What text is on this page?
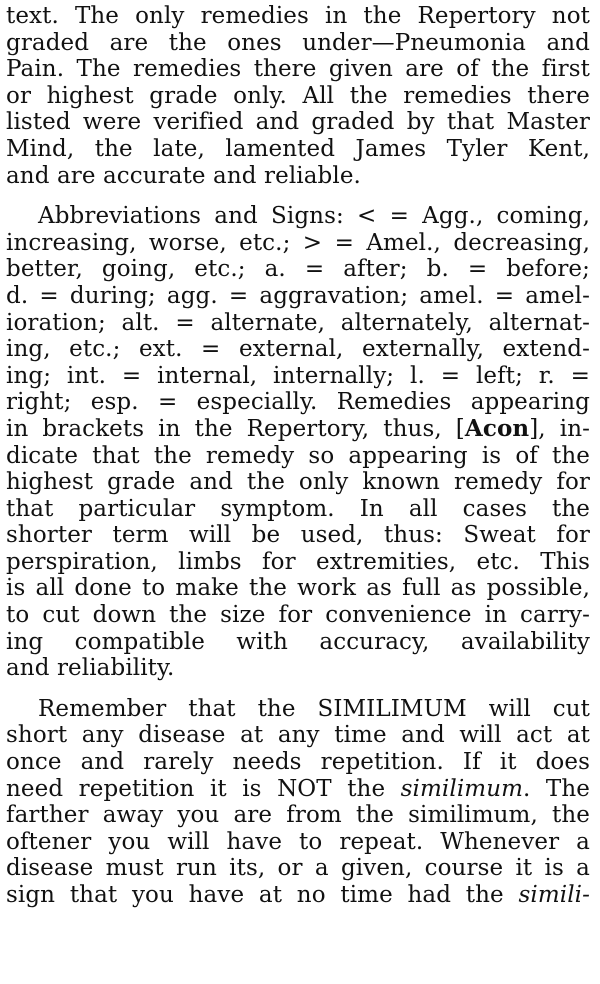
text. The only remedies in the Repertory not
graded are the ones under—Pneumonia and
Pain. The remedies there given are of the first
or highest grade only. All the remedies there
listed were verified and graded by that Master
Mind, the late, lamented James Tyler Kent,
and are accurate and reliable.
Abbreviations and Signs: < = Agg., coming,
increasing, worse, etc.; > = Amel., decreasing,
better, going, etc.; a. = after; b. = before;
d. = during; agg. = aggravation; amel. = amel-
ioration; alt. = alternate, alternately, alternat-
ing, etc.; ext. = external, externally, extend-
ing; int. = internal, internally; l. = left; r. =
right; esp. = especially. Remedies appearing
in brackets in the Repertory, thus, [Acon], in-
dicate that the remedy so appearing is of the
highest grade and the only known remedy for
that particular symptom. In all cases the
shorter term will be used, thus: Sweat for
perspiration, limbs for extremities, etc. This
is all done to make the work as full as possible,
to cut down the size for convenience in carry-
ing compatible with accuracy, availability
and reliability.
Remember that the SIMILIMUM will cut
short any disease at any time and will act at
once and rarely needs repetition. If it does
need repetition it is NOT the similimum. The
farther away you are from the similimum, the
oftener you will have to repeat. Whenever a
disease must run its, or a given, course it is a
sign that you have at no time had the simili-
